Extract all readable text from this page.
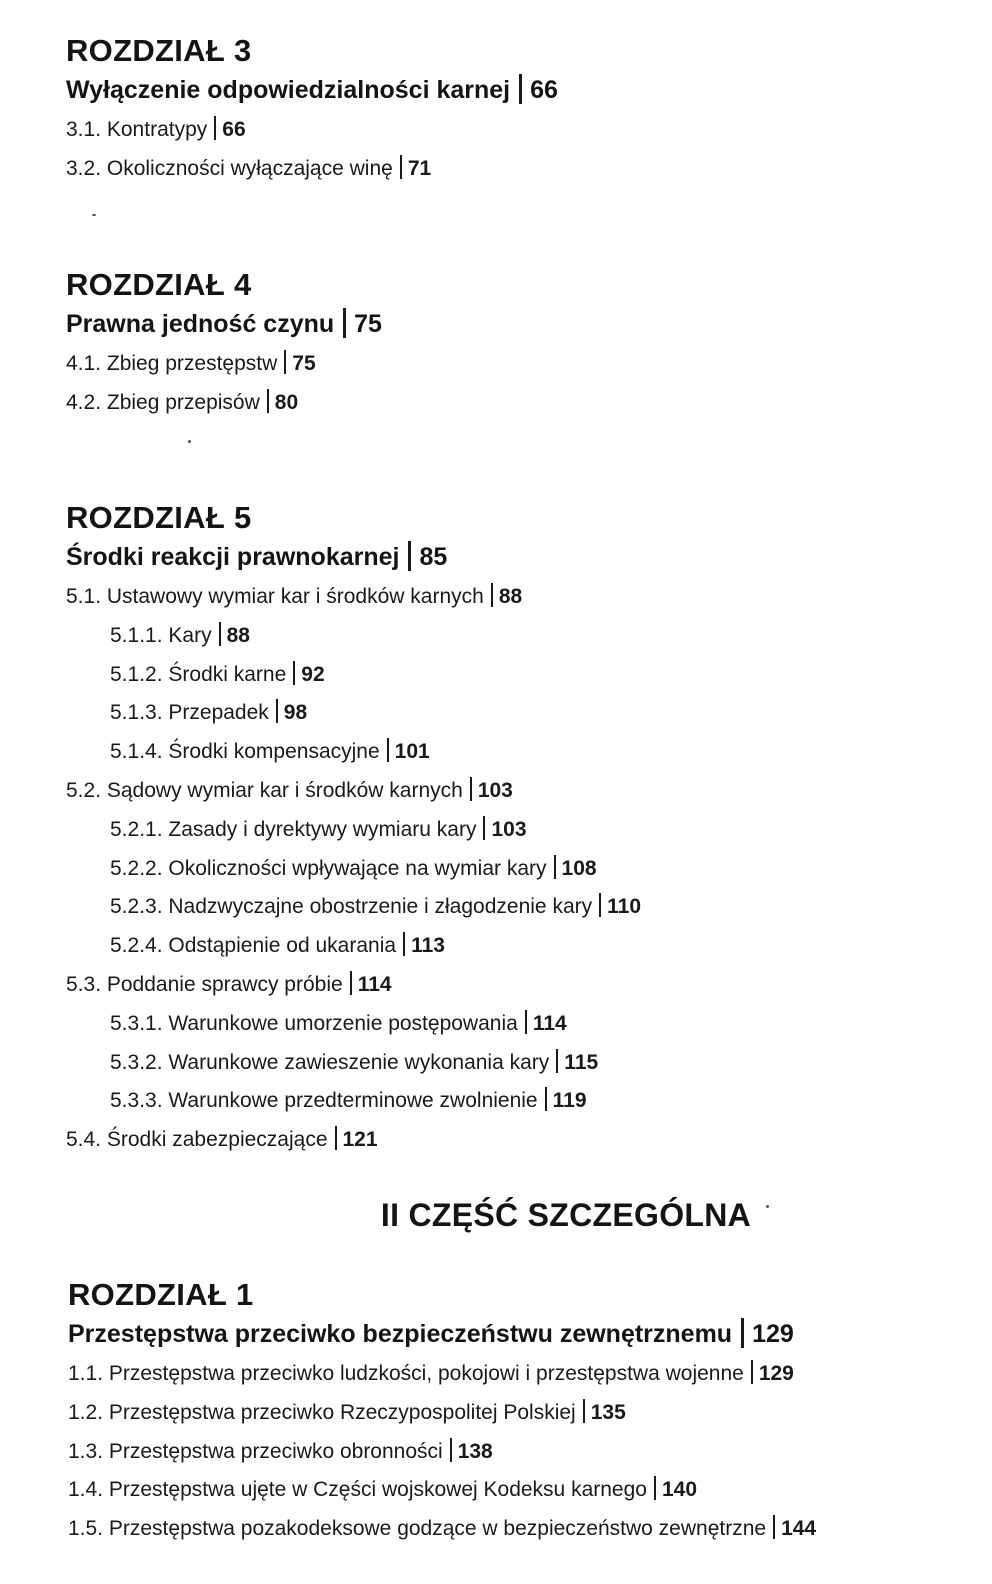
ROZDZIAŁ 3
Wyłączenie odpowiedzialności karnej 66
3.1. Kontratypy 66
3.2. Okoliczności wyłączające winę 71
ROZDZIAŁ 4
Prawna jedność czynu 75
4.1. Zbieg przestępstw 75
4.2. Zbieg przepisów 80
ROZDZIAŁ 5
Środki reakcji prawnokarnej 85
5.1. Ustawowy wymiar kar i środków karnych 88
5.1.1. Kary 88
5.1.2. Środki karne 92
5.1.3. Przepadek 98
5.1.4. Środki kompensacyjne 101
5.2. Sądowy wymiar kar i środków karnych 103
5.2.1. Zasady i dyrektywy wymiaru kary 103
5.2.2. Okoliczności wpływające na wymiar kary 108
5.2.3. Nadzwyczajne obostrzenie i złagodzenie kary 110
5.2.4. Odstąpienie od ukarania 113
5.3. Poddanie sprawcy próbie 114
5.3.1. Warunkowe umorzenie postępowania 114
5.3.2. Warunkowe zawieszenie wykonania kary 115
5.3.3. Warunkowe przedterminowe zwolnienie 119
5.4. Środki zabezpieczające 121
II CZĘŚĆ SZCZEGÓLNA
ROZDZIAŁ 1
Przestępstwa przeciwko bezpieczeństwu zewnętrznemu 129
1.1. Przestępstwa przeciwko ludzkości, pokojowi i przestępstwa wojenne 129
1.2. Przestępstwa przeciwko Rzeczypospolitej Polskiej 135
1.3. Przestępstwa przeciwko obronności 138
1.4. Przestępstwa ujęte w Części wojskowej Kodeksu karnego 140
1.5. Przestępstwa pozakodeksowe godzące w bezpieczeństwo zewnętrzne 144
